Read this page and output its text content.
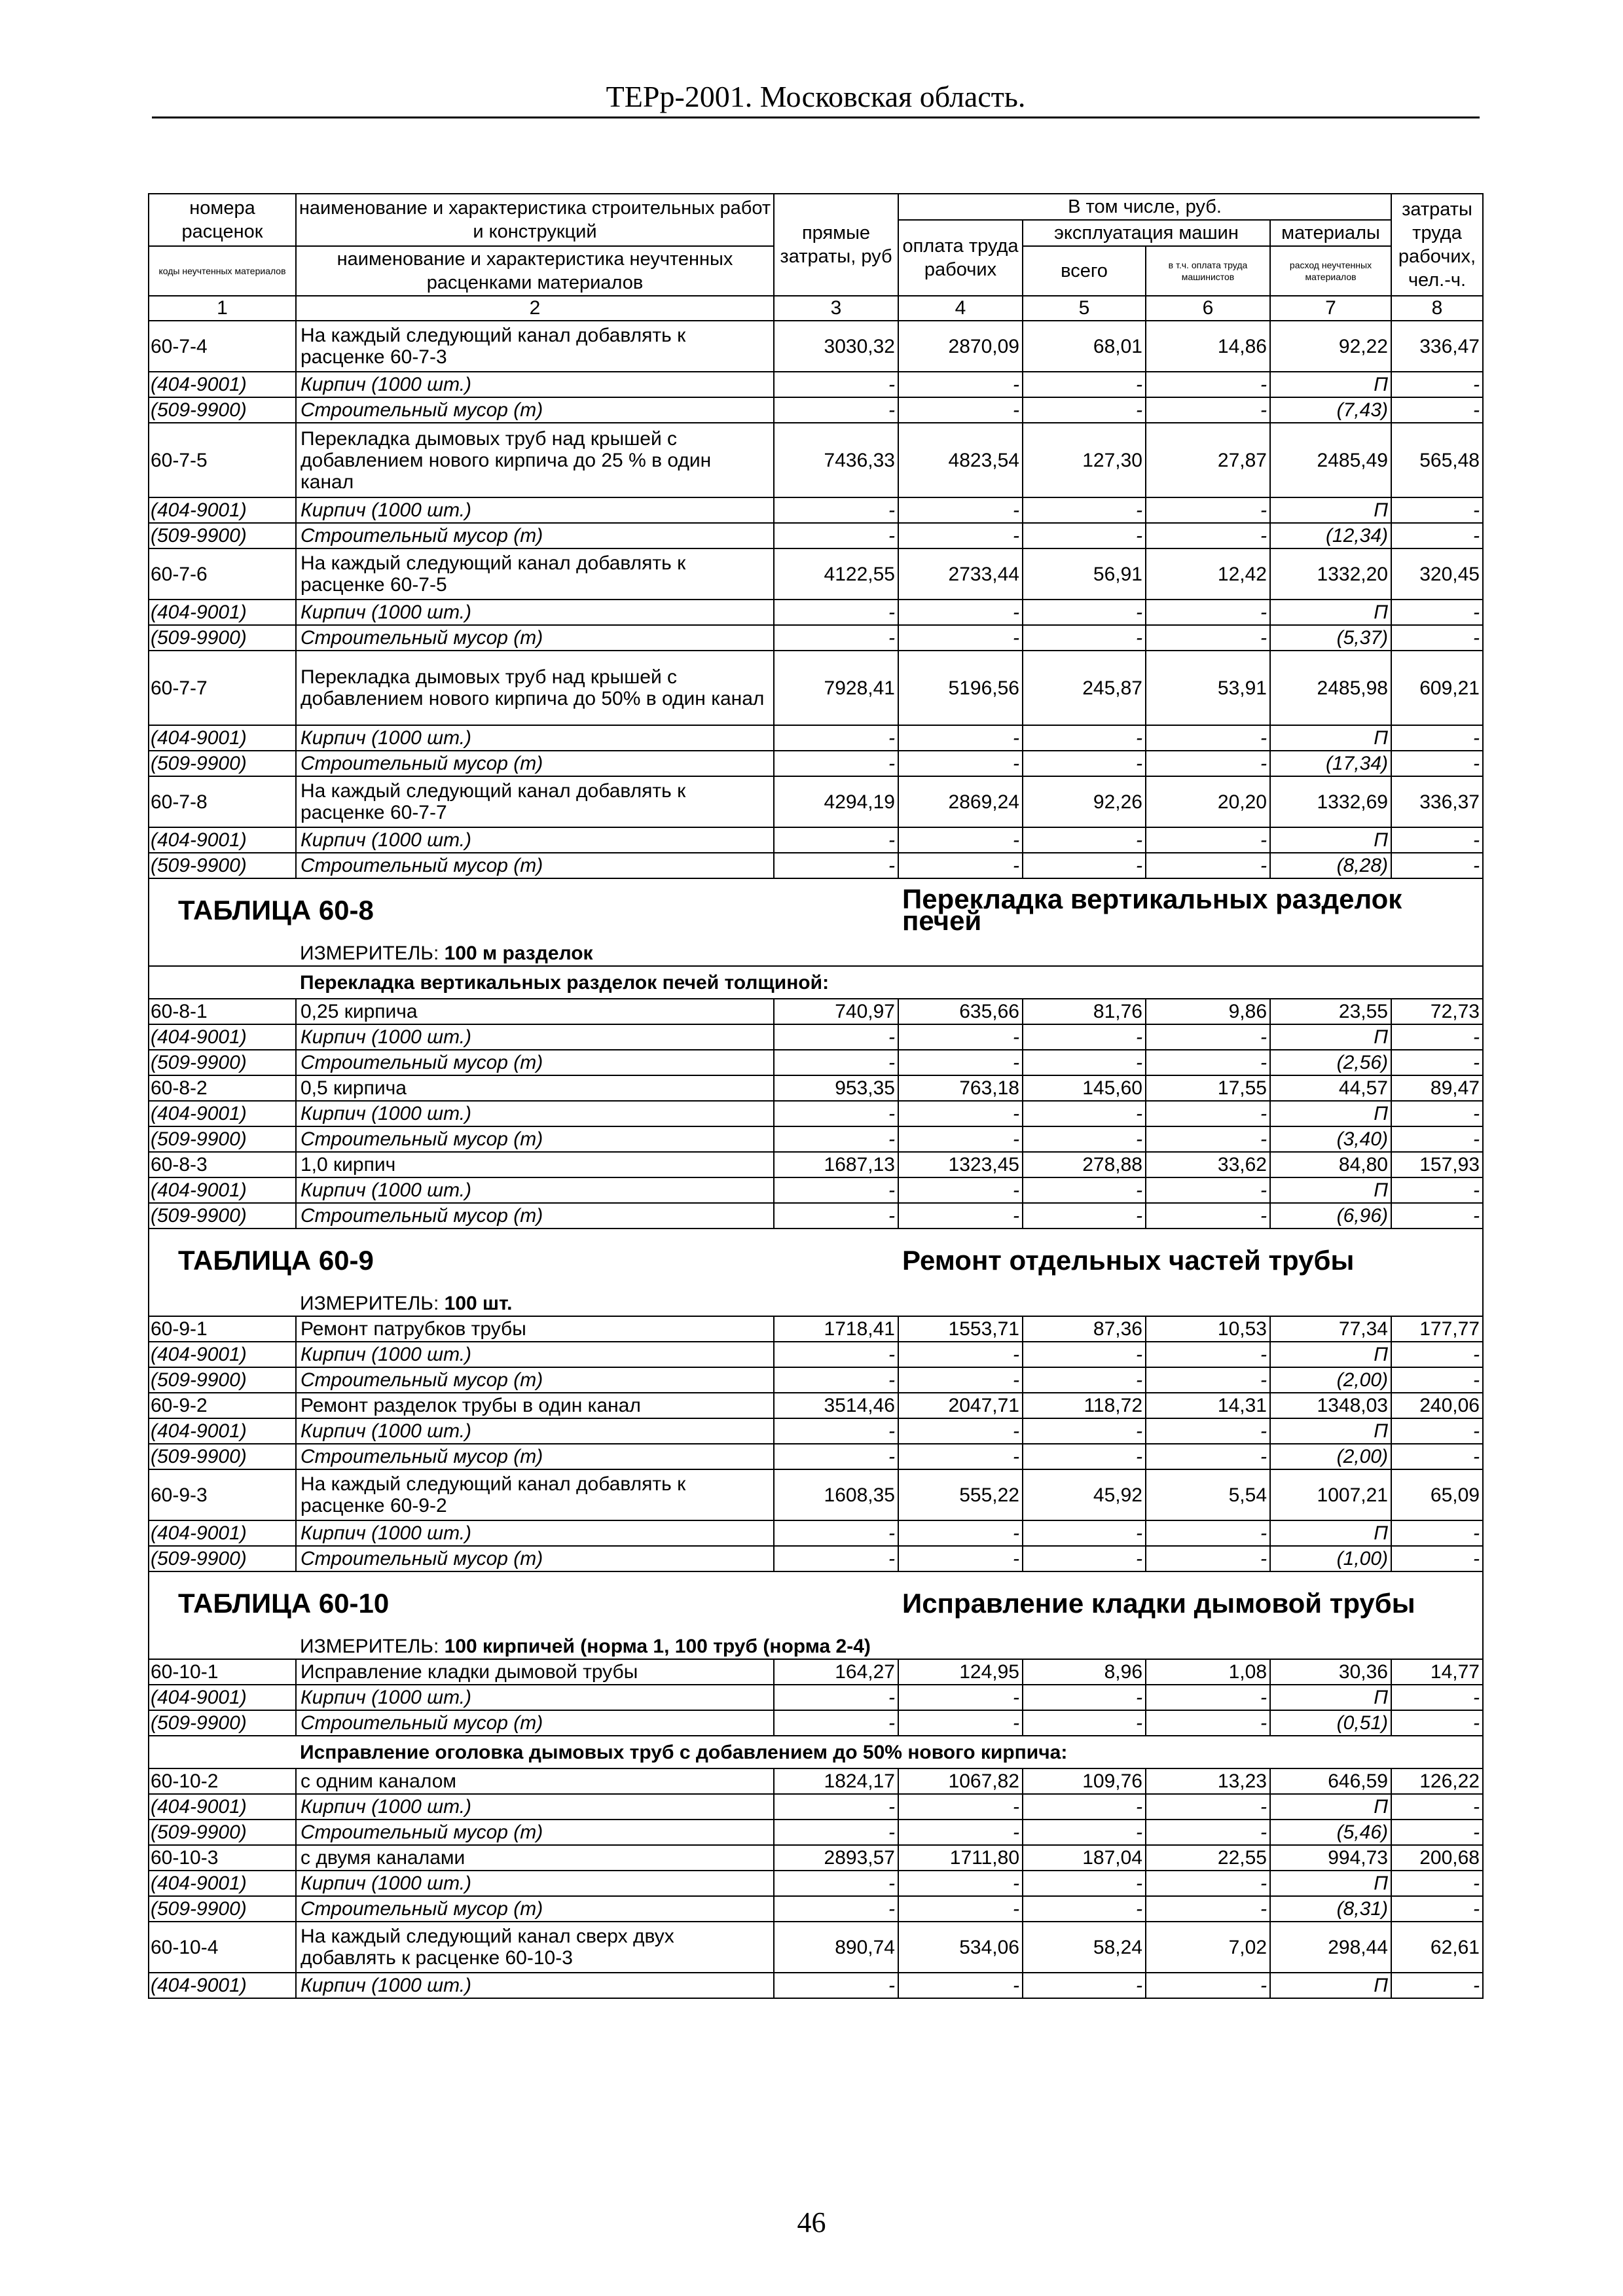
ТЕРр-2001. Московская область.
номера расценок	наименование и характеристика строительных работ и конструкций	прямые затраты, руб	В том числе, руб.				затраты труда рабочих, чел.-ч.
			оплата труда рабочих	эксплуатация машин		материалы	
коды неучтенных материалов	наименование и характеристика неучтенных расценками материалов			всего	в т.ч. оплата труда машинистов	расход неучтенных материалов	

1	2	3	4	5	6	7	8
60-7-4	На каждый следующий канал добавлять к расценке 60-7-3	3030,32	2870,09	68,01	14,86	92,22	336,47
(404-9001)	Кирпич (1000 шт.)	-	-	-	-	П	-
(509-9900)	Строительный мусор (т)	-	-	-	-	(7,43)	-
60-7-5	Перекладка дымовых труб над крышей с добавлением нового кирпича до 25 % в один канал	7436,33	4823,54	127,30	27,87	2485,49	565,48
(404-9001)	Кирпич (1000 шт.)	-	-	-	-	П	-
(509-9900)	Строительный мусор (т)	-	-	-	-	(12,34)	-
60-7-6	На каждый следующий канал добавлять к расценке 60-7-5	4122,55	2733,44	56,91	12,42	1332,20	320,45
(404-9001)	Кирпич (1000 шт.)	-	-	-	-	П	-
(509-9900)	Строительный мусор (т)	-	-	-	-	(5,37)	-
60-7-7	Перекладка дымовых труб над крышей с добавлением нового кирпича до 50% в один канал	7928,41	5196,56	245,87	53,91	2485,98	609,21
(404-9001)	Кирпич (1000 шт.)	-	-	-	-	П	-
(509-9900)	Строительный мусор (т)	-	-	-	-	(17,34)	-
60-7-8	На каждый следующий канал добавлять к расценке 60-7-7	4294,19	2869,24	92,26	20,20	1332,69	336,37
(404-9001)	Кирпич (1000 шт.)	-	-	-	-	П	-
(509-9900)	Строительный мусор (т)	-	-	-	-	(8,28)	-
ТАБЛИЦА 60-8			Перекладка вертикальных разделок печей				
	ИЗМЕРИТЕЛЬ: 100 м разделок						
	Перекладка вертикальных разделок печей толщиной:						
60-8-1	0,25 кирпича	740,97	635,66	81,76	9,86	23,55	72,73
(404-9001)	Кирпич (1000 шт.)	-	-	-	-	П	-
(509-9900)	Строительный мусор (т)	-	-	-	-	(2,56)	-
60-8-2	0,5 кирпича	953,35	763,18	145,60	17,55	44,57	89,47
(404-9001)	Кирпич (1000 шт.)	-	-	-	-	П	-
(509-9900)	Строительный мусор (т)	-	-	-	-	(3,40)	-
60-8-3	1,0 кирпич	1687,13	1323,45	278,88	33,62	84,80	157,93
(404-9001)	Кирпич (1000 шт.)	-	-	-	-	П	-
(509-9900)	Строительный мусор (т)	-	-	-	-	(6,96)	-
ТАБЛИЦА 60-9			Ремонт отдельных частей трубы				
	ИЗМЕРИТЕЛЬ: 100 шт.						
60-9-1	Ремонт патрубков трубы	1718,41	1553,71	87,36	10,53	77,34	177,77
(404-9001)	Кирпич (1000 шт.)	-	-	-	-	П	-
(509-9900)	Строительный мусор (т)	-	-	-	-	(2,00)	-
60-9-2	Ремонт разделок трубы в один канал	3514,46	2047,71	118,72	14,31	1348,03	240,06
(404-9001)	Кирпич (1000 шт.)	-	-	-	-	П	-
(509-9900)	Строительный мусор (т)	-	-	-	-	(2,00)	-
60-9-3	На каждый следующий канал добавлять к расценке 60-9-2	1608,35	555,22	45,92	5,54	1007,21	65,09
(404-9001)	Кирпич (1000 шт.)	-	-	-	-	П	-
(509-9900)	Строительный мусор (т)	-	-	-	-	(1,00)	-
ТАБЛИЦА 60-10			Исправление кладки дымовой трубы				
	ИЗМЕРИТЕЛЬ: 100 кирпичей (норма 1, 100 труб (норма 2-4)						
60-10-1	Исправление кладки дымовой трубы	164,27	124,95	8,96	1,08	30,36	14,77
(404-9001)	Кирпич (1000 шт.)	-	-	-	-	П	-
(509-9900)	Строительный мусор (т)	-	-	-	-	(0,51)	-
	Исправление оголовка дымовых труб с добавлением до 50% нового кирпича:						
60-10-2	с одним каналом	1824,17	1067,82	109,76	13,23	646,59	126,22
(404-9001)	Кирпич (1000 шт.)	-	-	-	-	П	-
(509-9900)	Строительный мусор (т)	-	-	-	-	(5,46)	-
60-10-3	с двумя каналами	2893,57	1711,80	187,04	22,55	994,73	200,68
(404-9001)	Кирпич (1000 шт.)	-	-	-	-	П	-
(509-9900)	Строительный мусор (т)	-	-	-	-	(8,31)	-
60-10-4	На каждый следующий канал сверх двух добавлять к расценке 60-10-3	890,74	534,06	58,24	7,02	298,44	62,61
(404-9001)	Кирпич (1000 шт.)	-	-	-	-	П	-
46
